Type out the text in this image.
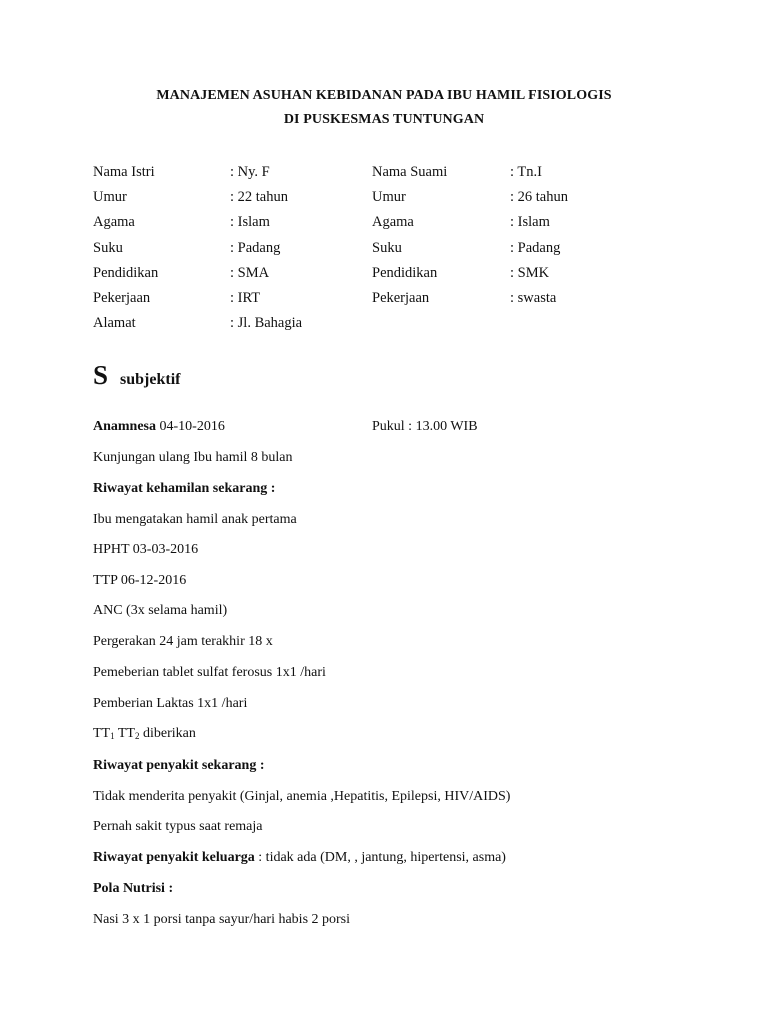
MANAJEMEN ASUHAN KEBIDANAN PADA IBU HAMIL FISIOLOGIS
DI PUSKESMAS TUNTUNGAN
Nama Istri	: Ny. F	Nama Suami	: Tn.I
Umur	: 22 tahun	Umur	: 26 tahun
Agama	: Islam	Agama	: Islam
Suku	: Padang	Suku	: Padang
Pendidikan	: SMA	Pendidikan	: SMK
Pekerjaan	: IRT	Pekerjaan	: swasta
Alamat	: Jl. Bahagia
S subjektif
Anamnesa 04-10-2016	Pukul : 13.00 WIB
Kunjungan ulang Ibu hamil 8 bulan
Riwayat kehamilan sekarang :
Ibu mengatakan hamil anak pertama
HPHT 03-03-2016
TTP 06-12-2016
ANC (3x selama hamil)
Pergerakan 24 jam terakhir 18 x
Pemeberian tablet sulfat ferosus 1x1 /hari
Pemberian Laktas 1x1 /hari
$TT_1$ $TT_2$ diberikan
Riwayat penyakit sekarang :
Tidak menderita penyakit (Ginjal, anemia ,Hepatitis, Epilepsi, HIV/AIDS)
Pernah sakit typus saat remaja
Riwayat penyakit keluarga : tidak ada (DM, , jantung, hipertensi, asma)
Pola Nutrisi :
Nasi 3 x 1 porsi tanpa sayur/hari habis 2 porsi
